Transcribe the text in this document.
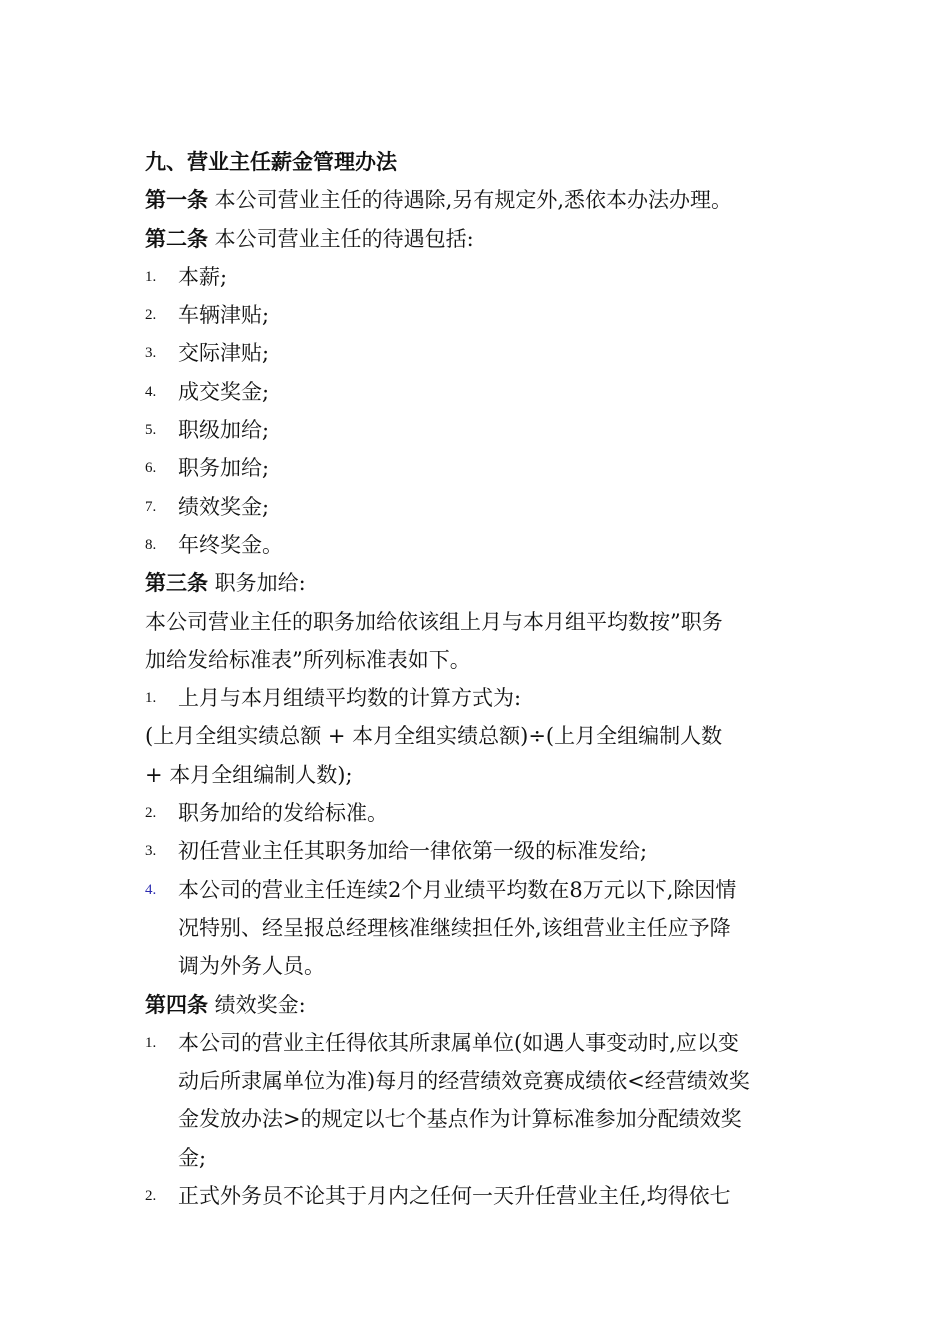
九、营业主任薪金管理办法
第一条 本公司营业主任的待遇除,另有规定外,悉依本办法办理。
第二条 本公司营业主任的待遇包括:
1.	本薪;
2.	车辆津贴;
3.	交际津贴;
4.	成交奖金;
5.	职级加给;
6.	职务加给;
7.	绩效奖金;
8.	年终奖金。
第三条 职务加给:
本公司营业主任的职务加给依该组上月与本月组平均数按”职务
加给发给标准表”所列标准表如下。
1.	上月与本月组绩平均数的计算方式为:
(上月全组实绩总额 + 本月全组实绩总额)÷(上月全组编制人数
+ 本月全组编制人数);
2.	职务加给的发给标准。
3.	初任营业主任其职务加给一律依第一级的标准发给;
4.	本公司的营业主任连续2个月业绩平均数在8万元以下,除因情
况特别、经呈报总经理核准继续担任外,该组营业主任应予降
调为外务人员。
第四条 绩效奖金:
1.	本公司的营业主任得依其所隶属单位(如遇人事变动时,应以变
动后所隶属单位为准)每月的经营绩效竞赛成绩依<经营绩效奖
金发放办法>的规定以七个基点作为计算标准参加分配绩效奖
金;
2.	正式外务员不论其于月内之任何一天升任营业主任,均得依七
